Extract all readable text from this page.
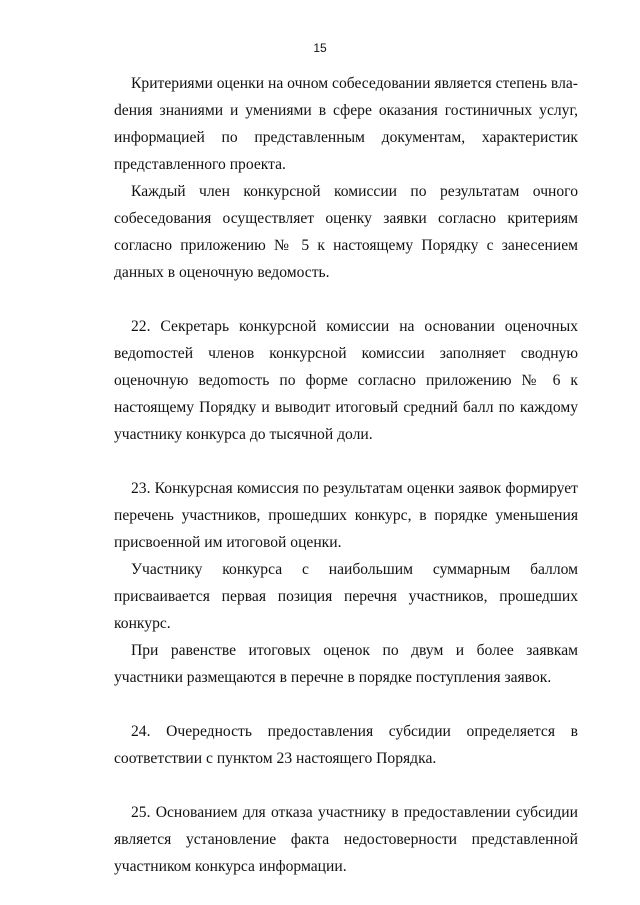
15

Критериями оценки на очном собеседовании является степень влаdения знаниями и умениями в сфере оказания гостиничных услуг, информацией по представленным документам, характеристик представленного проекта.

Каждый член конкурсной комиссии по результатам очного собеседования осуществляет оценку заявки согласно критериям согласно приложению № 5 к настоящему Порядку с занесением данных в оценочную ведомость.

22. Секретарь конкурсной комиссии на основании оценочных ведоmостей членов конкурсной комиссии заполняет сводную оценочную ведоmость по форме согласно приложению № 6 к настоящему Порядку и выводит итоговый средний балл по каждому участнику конкурса до тысячной доли.

23. Конкурсная комиссия по результатам оценки заявок формирует перечень участников, прошедших конкурс, в порядке уменьшения присвоенной им итоговой оценки.

Участнику конкурса с наибольшим суммарным баллом присваивается первая позиция перечня участников, прошедших конкурс.

При равенстве итоговых оценок по двум и более заявкам участники размещаются в перечне в порядке поступления заявок.

24. Очередность предоставления субсидии определяется в соответствии с пунктом 23 настоящего Порядка.

25. Основанием для отказа участнику в предоставлении субсидии является установление факта недостоверности представленной участником конкурса информации.
